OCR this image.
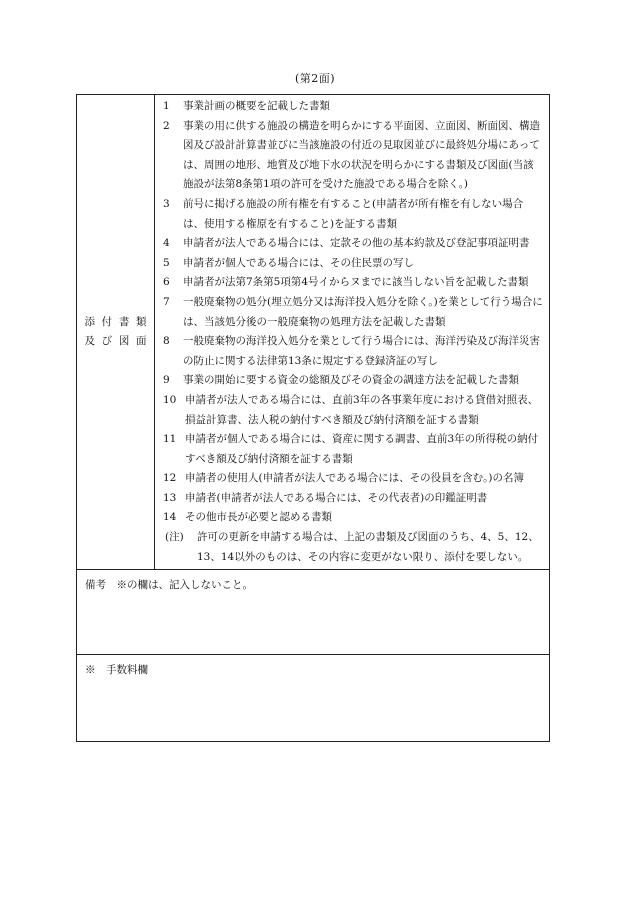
(第2面)
添付書類
及び図面	
1	事業計画の概要を記載した書類
2	事業の用に供する施設の構造を明らかにする平面図、立面図、断面図、構造図及び設計計算書並びに当該施設の付近の見取図並びに最終処分場にあっては、周囲の地形、地質及び地下水の状況を明らかにする書類及び図面(当該施設が法第8条第1項の許可を受けた施設である場合を除く。)
3	前号に掲げる施設の所有権を有すること(申請者が所有権を有しない場合は、使用する権原を有すること)を証する書類
4	申請者が法人である場合には、定款その他の基本約款及び登記事項証明書
5	申請者が個人である場合には、その住民票の写し
6	申請者が法第7条第5項第4号イからヌまでに該当しない旨を記載した書類
7	一般廃棄物の処分(埋立処分又は海洋投入処分を除く。)を業として行う場合には、当該処分後の一般廃棄物の処理方法を記載した書類
8	一般廃棄物の海洋投入処分を業として行う場合には、海洋汚染及び海洋災害の防止に関する法律第13条に規定する登録済証の写し
9	事業の開始に要する資金の総額及びその資金の調達方法を記載した書類
10 申請者が法人である場合には、直前3年の各事業年度における貸借対照表、損益計算書、法人税の納付すべき額及び納付済額を証する書類
11 申請者が個人である場合には、資産に関する調書、直前3年の所得税の納付すべき額及び納付済額を証する書類
12 申請者の使用人(申請者が法人である場合には、その役員を含む。)の名簿
13 申請者(申請者が法人である場合には、その代表者)の印鑑証明書
14 その他市長が必要と認める書類
(注)	許可の更新を申請する場合は、上記の書類及び図面のうち、4、5、12、13、14以外のものは、その内容に変更がない限り、添付を要しない。

備考　※の欄は、記入しないこと。
※　手数料欄
